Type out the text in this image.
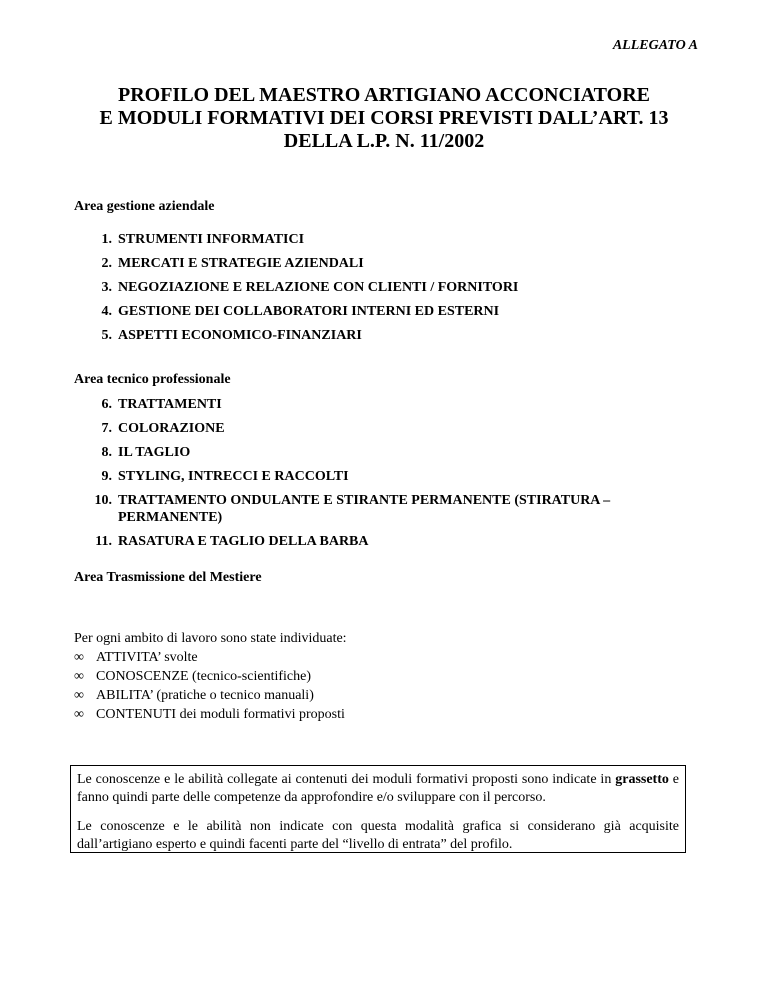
ALLEGATO A
PROFILO DEL MAESTRO ARTIGIANO ACCONCIATORE
E MODULI FORMATIVI DEI CORSI PREVISTI DALL’ART. 13
DELLA L.P. N. 11/2002
Area gestione aziendale
1. STRUMENTI INFORMATICI
2. MERCATI E STRATEGIE AZIENDALI
3. NEGOZIAZIONE E RELAZIONE CON CLIENTI / FORNITORI
4. GESTIONE DEI COLLABORATORI INTERNI ED ESTERNI
5. ASPETTI ECONOMICO-FINANZIARI
Area tecnico professionale
6. TRATTAMENTI
7. COLORAZIONE
8. IL TAGLIO
9. STYLING, INTRECCI E RACCOLTI
10. TRATTAMENTO ONDULANTE E STIRANTE PERMANENTE (STIRATURA – PERMANENTE)
11. RASATURA E TAGLIO DELLA BARBA
Area Trasmissione del Mestiere
Per ogni ambito di lavoro sono state individuate:
∞ ATTIVITA’ svolte
∞ CONOSCENZE (tecnico-scientifiche)
∞ ABILITA’ (pratiche o tecnico manuali)
∞ CONTENUTI dei moduli formativi proposti

Le conoscenze e le abilità collegate ai contenuti dei moduli formativi proposti sono indicate in grassetto e fanno quindi parte delle competenze da approfondire e/o sviluppare con il percorso.

Le conoscenze e le abilità non indicate con questa modalità grafica si considerano già acquisite dall’artigiano esperto e quindi facenti parte del “livello di entrata” del profilo.
